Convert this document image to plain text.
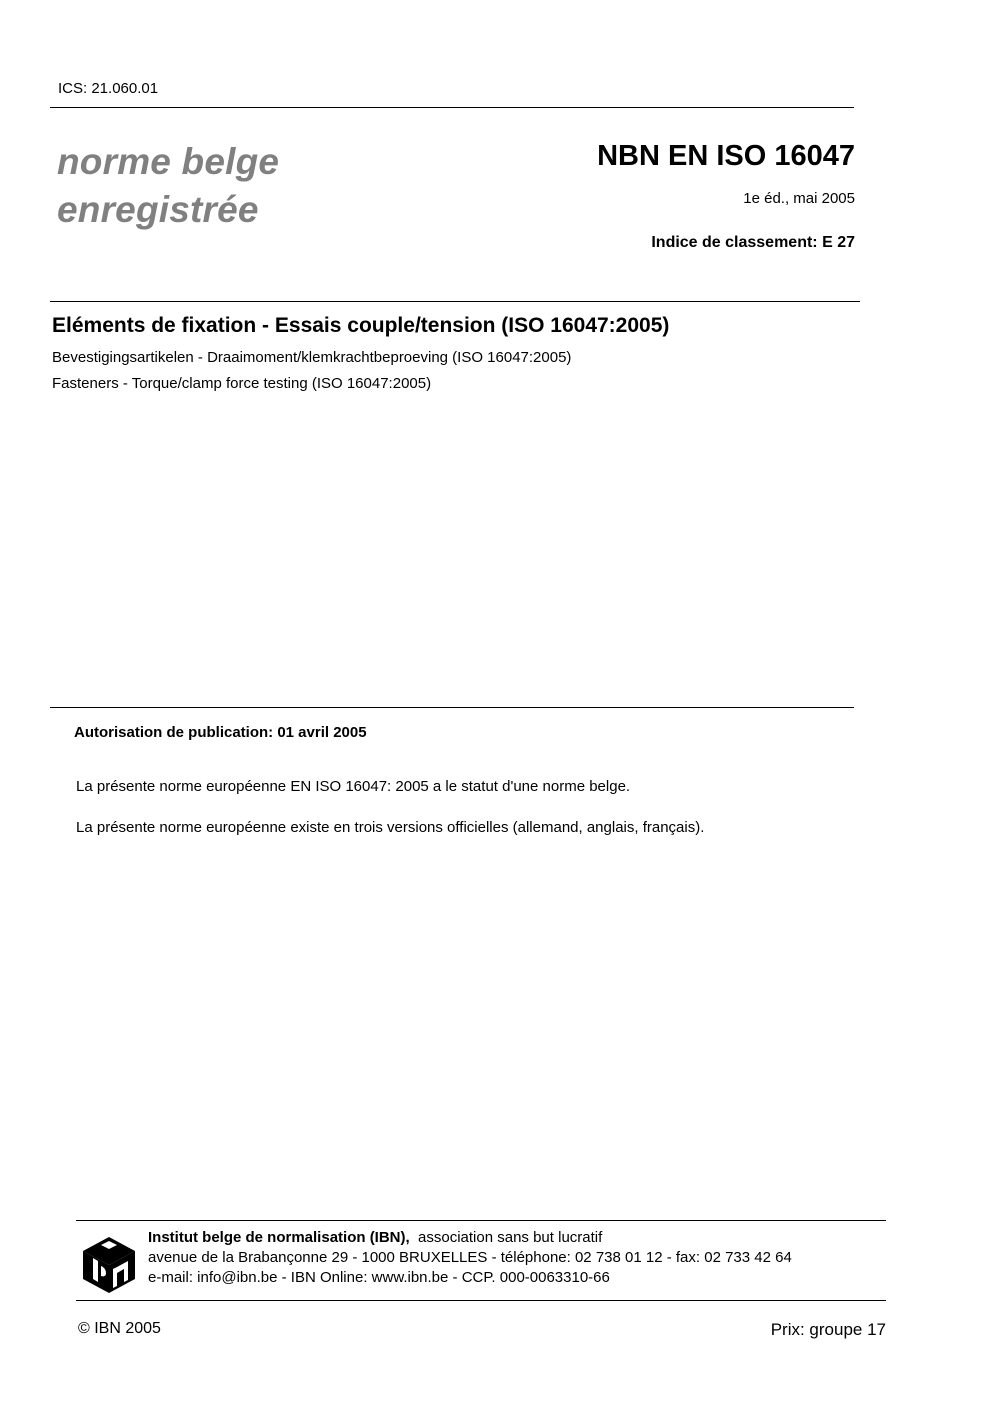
ICS: 21.060.01
norme belge
enregistrée
NBN EN ISO 16047
1e éd., mai 2005
Indice de classement: E 27
Eléments de fixation - Essais couple/tension (ISO 16047:2005)
Bevestigingsartikelen - Draaimoment/klemkrachtbeproeving (ISO 16047:2005)
Fasteners - Torque/clamp force testing (ISO 16047:2005)
Autorisation de publication: 01 avril 2005
La présente norme européenne EN ISO 16047: 2005 a le statut d'une norme belge.
La présente norme européenne existe en trois versions officielles (allemand, anglais, français).
Institut belge de normalisation (IBN), association sans but lucratif
avenue de la Brabançonne 29 - 1000 BRUXELLES - téléphone: 02 738 01 12 - fax: 02 733 42 64
e-mail: info@ibn.be - IBN Online: www.ibn.be - CCP. 000-0063310-66
© IBN 2005	Prix: groupe 17
